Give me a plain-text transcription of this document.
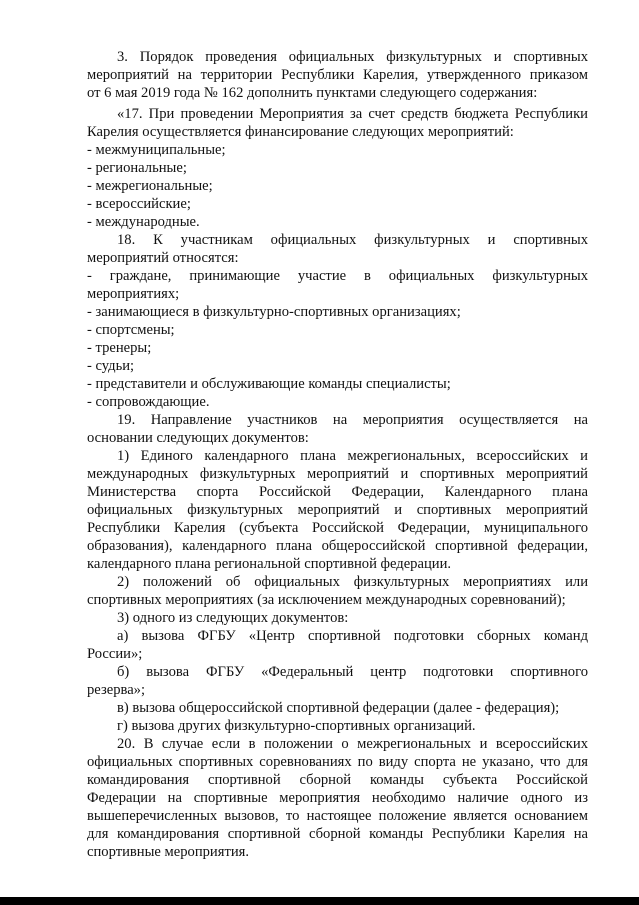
3. Порядок проведения официальных физкультурных и спортивных
мероприятий на территории Республики Карелия, утвержденного приказом
от 6 мая 2019 года № 162 дополнить пунктами следующего содержания:
«17. При проведении Мероприятия за счет средств бюджета Республики
Карелия осуществляется финансирование следующих мероприятий:
- межмуниципальные;
- региональные;
- межрегиональные;
- всероссийские;
- международные.
18. К участникам официальных физкультурных и спортивных
мероприятий относятся:
- граждане, принимающие участие в официальных физкультурных
мероприятиях;
- занимающиеся в физкультурно-спортивных организациях;
- спортсмены;
- тренеры;
- судьи;
- представители и обслуживающие команды специалисты;
- сопровождающие.
19. Направление участников на мероприятия осуществляется на
основании следующих документов:
1) Единого календарного плана межрегиональных, всероссийских и
международных физкультурных мероприятий и спортивных мероприятий
Министерства спорта Российской Федерации, Календарного плана
официальных физкультурных мероприятий и спортивных мероприятий
Республики Карелия (субъекта Российской Федерации, муниципального
образования), календарного плана общероссийской спортивной федерации,
календарного плана региональной спортивной федерации.
2) положений об официальных физкультурных мероприятиях или
спортивных мероприятиях (за исключением международных соревнований);
3) одного из следующих документов:
а) вызова ФГБУ «Центр спортивной подготовки сборных команд
России»;
б) вызова ФГБУ «Федеральный центр подготовки спортивного
резерва»;
в) вызова общероссийской спортивной федерации (далее - федерация);
г) вызова других физкультурно-спортивных организаций.
20. В случае если в положении о межрегиональных и всероссийских
официальных спортивных соревнованиях по виду спорта не указано, что для
командирования спортивной сборной команды субъекта Российской
Федерации на спортивные мероприятия необходимо наличие одного из
вышеперечисленных вызовов, то настоящее положение является основанием
для командирования спортивной сборной команды Республики Карелия на
спортивные мероприятия.
